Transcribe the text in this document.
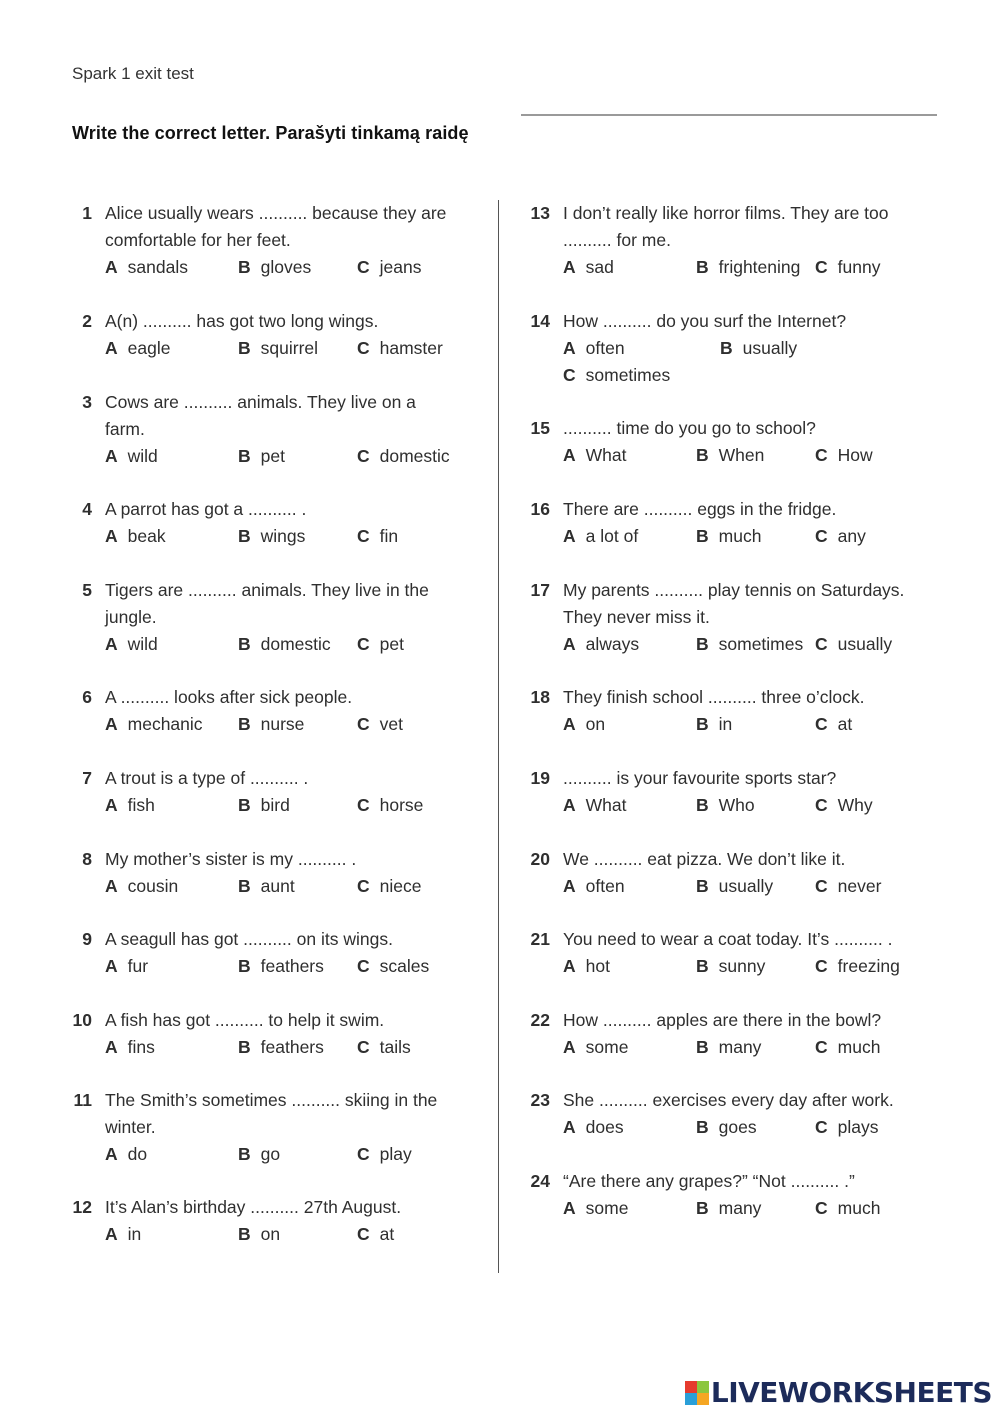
Spark 1 exit test
Write the correct letter. Parašyti tinkamą raidę
1 Alice usually wears .......... because they are
comfortable for her feet.
A sandals	B gloves	C jeans
2 A(n) .......... has got two long wings.
A eagle	B squirrel C hamster
3 Cows are .......... animals. They live on a
farm.
A wild	B pet	C domestic
4 A parrot has got a .......... .
A beak	B wings	C fin
5 Tigers are .......... animals. They live in the
jungle.
A wild	B domestic C pet
6 A .......... looks after sick people.
A mechanic B nurse	C vet
7 A trout is a type of .......... .
A fish	B bird	C horse
8 My mother’s sister is my .......... .
A cousin	B aunt	C niece
9 A seagull has got .......... on its wings.
A fur	B feathers C scales
10 A fish has got .......... to help it swim.
A fins	B feathers C tails
11 The Smith’s sometimes .......... skiing in the
winter.
A do	B go	C play
12 It’s Alan’s birthday .......... 27th August.
A in	B on	C at
13 I don’t really like horror films. They are too
.......... for me.
A sad	B frightening C funny
14 How .......... do you surf the Internet?
A often	B usually
C sometimes
15 .......... time do you go to school?
A What	B When	C How
16 There are .......... eggs in the fridge.
A a lot of	B much	C any
17 My parents .......... play tennis on Saturdays.
They never miss it.
A always	B sometimes C usually
18 They finish school .......... three o’clock.
A on	B in	C at
19 .......... is your favourite sports star?
A What	B Who	C Why
20 We .......... eat pizza. We don’t like it.
A often	B usually C never
21 You need to wear a coat today. It’s .......... .
A hot	B sunny	C freezing
22 How .......... apples are there in the bowl?
A some	B many	C much
23 She .......... exercises every day after work.
A does	B goes	C plays
24 “Are there any grapes?” “Not .......... .”
A some	B many	C much
LIVEWORKSHEETS
